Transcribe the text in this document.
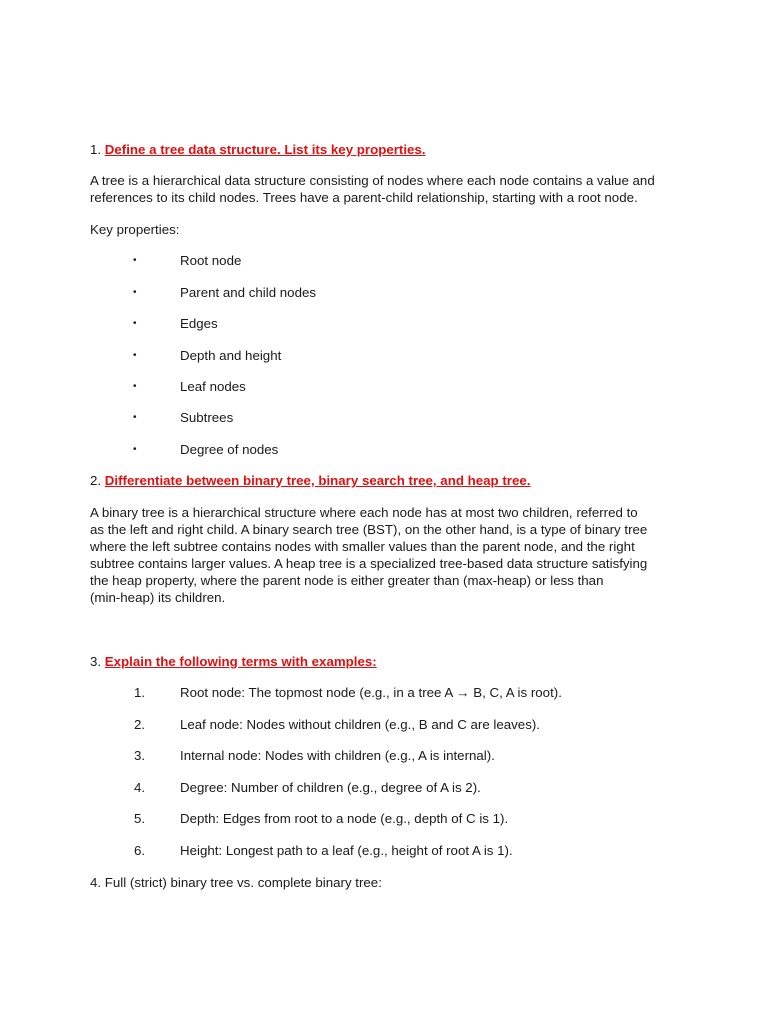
1. Define a tree data structure. List its key properties.
A tree is a hierarchical data structure consisting of nodes where each node contains a value and
references to its child nodes. Trees have a parent-child relationship, starting with a root node.
Key properties:
•	Root node
•	Parent and child nodes
•	Edges
•	Depth and height
•	Leaf nodes
•	Subtrees
•	Degree of nodes
2. Differentiate between binary tree, binary search tree, and heap tree.
A binary tree is a hierarchical structure where each node has at most two children, referred to
as the left and right child. A binary search tree (BST), on the other hand, is a type of binary tree
where the left subtree contains nodes with smaller values than the parent node, and the right
subtree contains larger values. A heap tree is a specialized tree-based data structure satisfying
the heap property, where the parent node is either greater than (max-heap) or less than
(min-heap) its children.
3. Explain the following terms with examples:
1.	Root node: The topmost node (e.g., in a tree A → B, C, A is root).
2.	Leaf node: Nodes without children (e.g., B and C are leaves).
3.	Internal node: Nodes with children (e.g., A is internal).
4.	Degree: Number of children (e.g., degree of A is 2).
5.	Depth: Edges from root to a node (e.g., depth of C is 1).
6.	Height: Longest path to a leaf (e.g., height of root A is 1).
4. Full (strict) binary tree vs. complete binary tree:
